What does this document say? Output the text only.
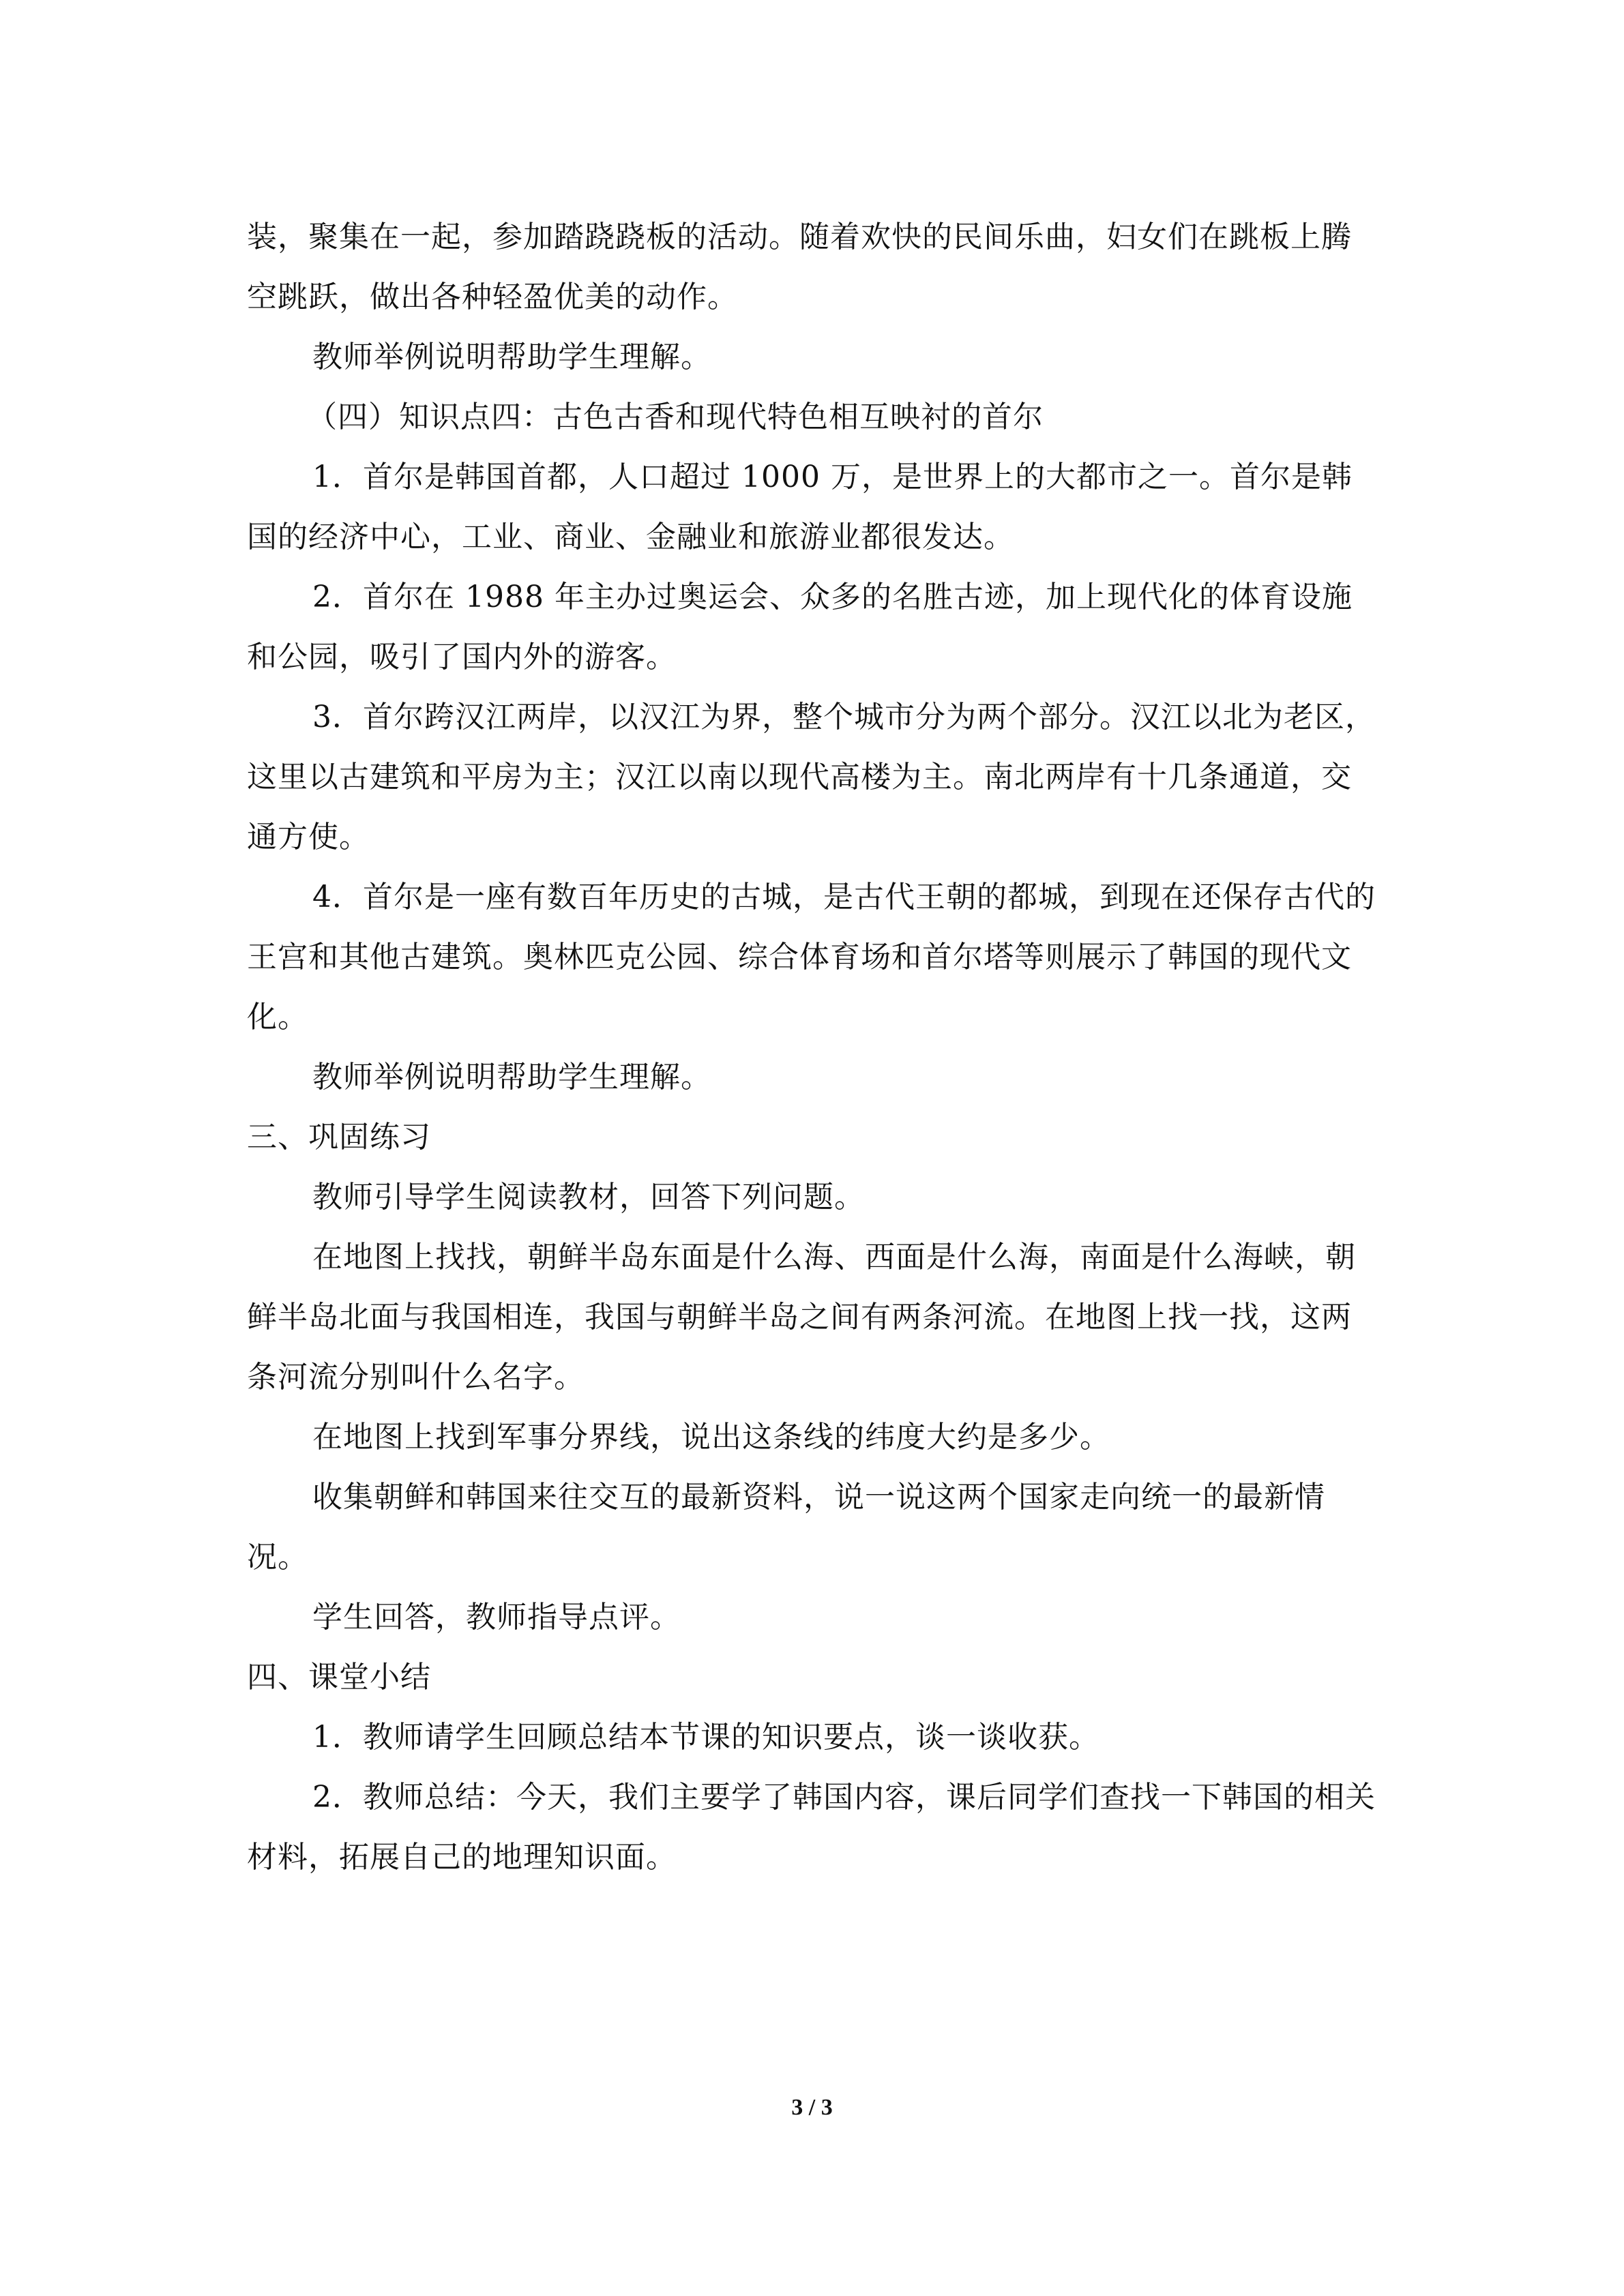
装，聚集在一起，参加踏跷跷板的活动。随着欢快的民间乐曲，妇女们在跳板上腾空跳跃，做出各种轻盈优美的动作。

教师举例说明帮助学生理解。

（四）知识点四：古色古香和现代特色相互映衬的首尔

1．首尔是韩国首都，人口超过 1000 万，是世界上的大都市之一。首尔是韩国的经济中心，工业、商业、金融业和旅游业都很发达。

2．首尔在 1988 年主办过奥运会、众多的名胜古迹，加上现代化的体育设施和公园，吸引了国内外的游客。

3．首尔跨汉江两岸，以汉江为界，整个城市分为两个部分。汉江以北为老区，这里以古建筑和平房为主；汉江以南以现代高楼为主。南北两岸有十几条通道，交通方使。

4．首尔是一座有数百年历史的古城，是古代王朝的都城，到现在还保存古代的王宫和其他古建筑。奥林匹克公园、综合体育场和首尔塔等则展示了韩国的现代文化。

教师举例说明帮助学生理解。

三、巩固练习

教师引导学生阅读教材，回答下列问题。

在地图上找找，朝鲜半岛东面是什么海、西面是什么海，南面是什么海峡，朝鲜半岛北面与我国相连，我国与朝鲜半岛之间有两条河流。在地图上找一找，这两条河流分别叫什么名字。

在地图上找到军事分界线，说出这条线的纬度大约是多少。

收集朝鲜和韩国来往交互的最新资料，说一说这两个国家走向统一的最新情况。

学生回答，教师指导点评。

四、课堂小结

1．教师请学生回顾总结本节课的知识要点，谈一谈收获。

2．教师总结：今天，我们主要学了韩国内容，课后同学们查找一下韩国的相关材料，拓展自己的地理知识面。

3 / 3
